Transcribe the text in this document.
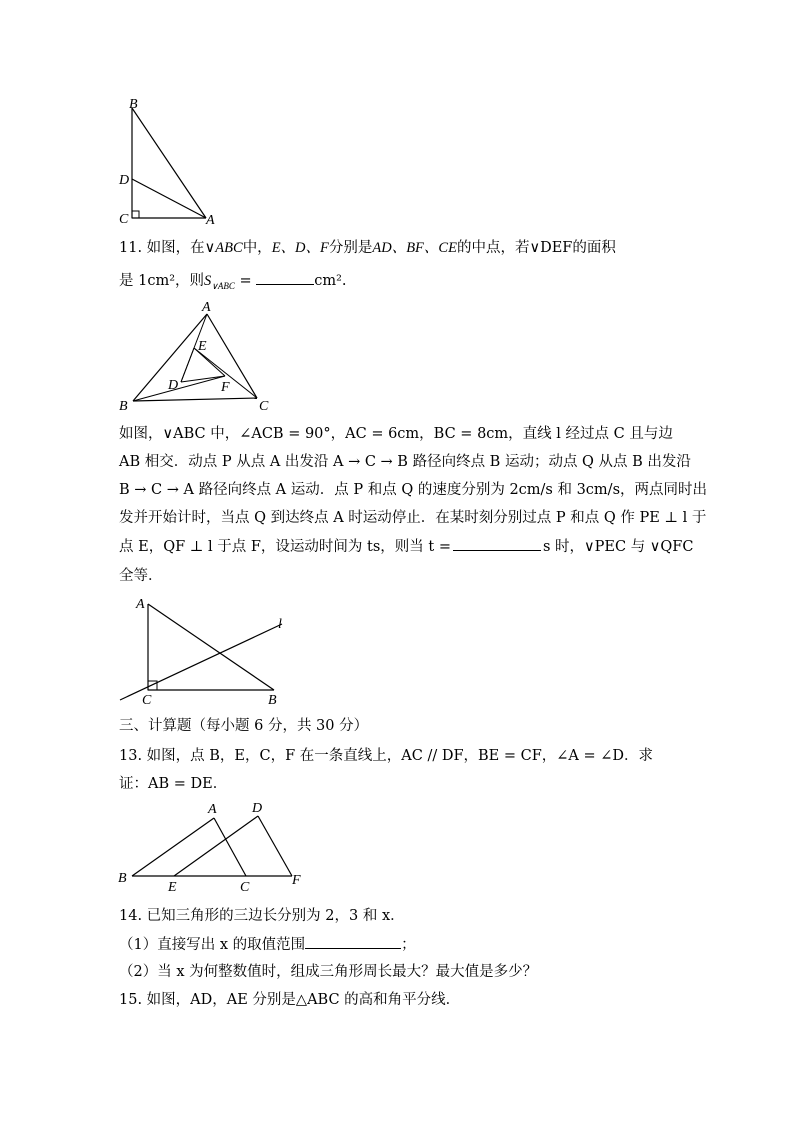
B
D
C	A
11. 如图，在∨ABC中，E、D、F分别是AD、BF、CE的中点，若∨DEF的面积
是 1cm²，则$S_{\vee ABC}$ =	cm².
A
E
D	F
B	C
如图，∨ABC 中，∠ACB = 90°，AC = 6cm，BC = 8cm，直线 l 经过点 C 且与边
AB 相交．动点 P 从点 A 出发沿 A → C → B 路径向终点 B 运动；动点 Q 从点 B 出发沿
B → C → A 路径向终点 A 运动．点 P 和点 Q 的速度分别为 2cm/s 和 3cm/s，两点同时出
发并开始计时，当点 Q 到达终点 A 时运动停止．在某时刻分别过点 P 和点 Q 作 PE ⊥ l 于
点 E，QF ⊥ l 于点 F，设运动时间为 ts，则当 t =	s 时，∨PEC 与 ∨QFC
全等．
A
l
C	B
三、计算题（每小题 6 分，共 30 分）
13. 如图，点 B，E，C，F 在一条直线上，AC // DF，BE = CF，∠A = ∠D．求
证：AB = DE．
A	D
B
E	C	F
14. 已知三角形的三边长分别为 2，3 和 x．
（1）直接写出 x 的取值范围	；
（2）当 x 为何整数值时，组成三角形周长最大？最大值是多少？
15. 如图，AD，AE 分别是△ABC 的高和角平分线．
